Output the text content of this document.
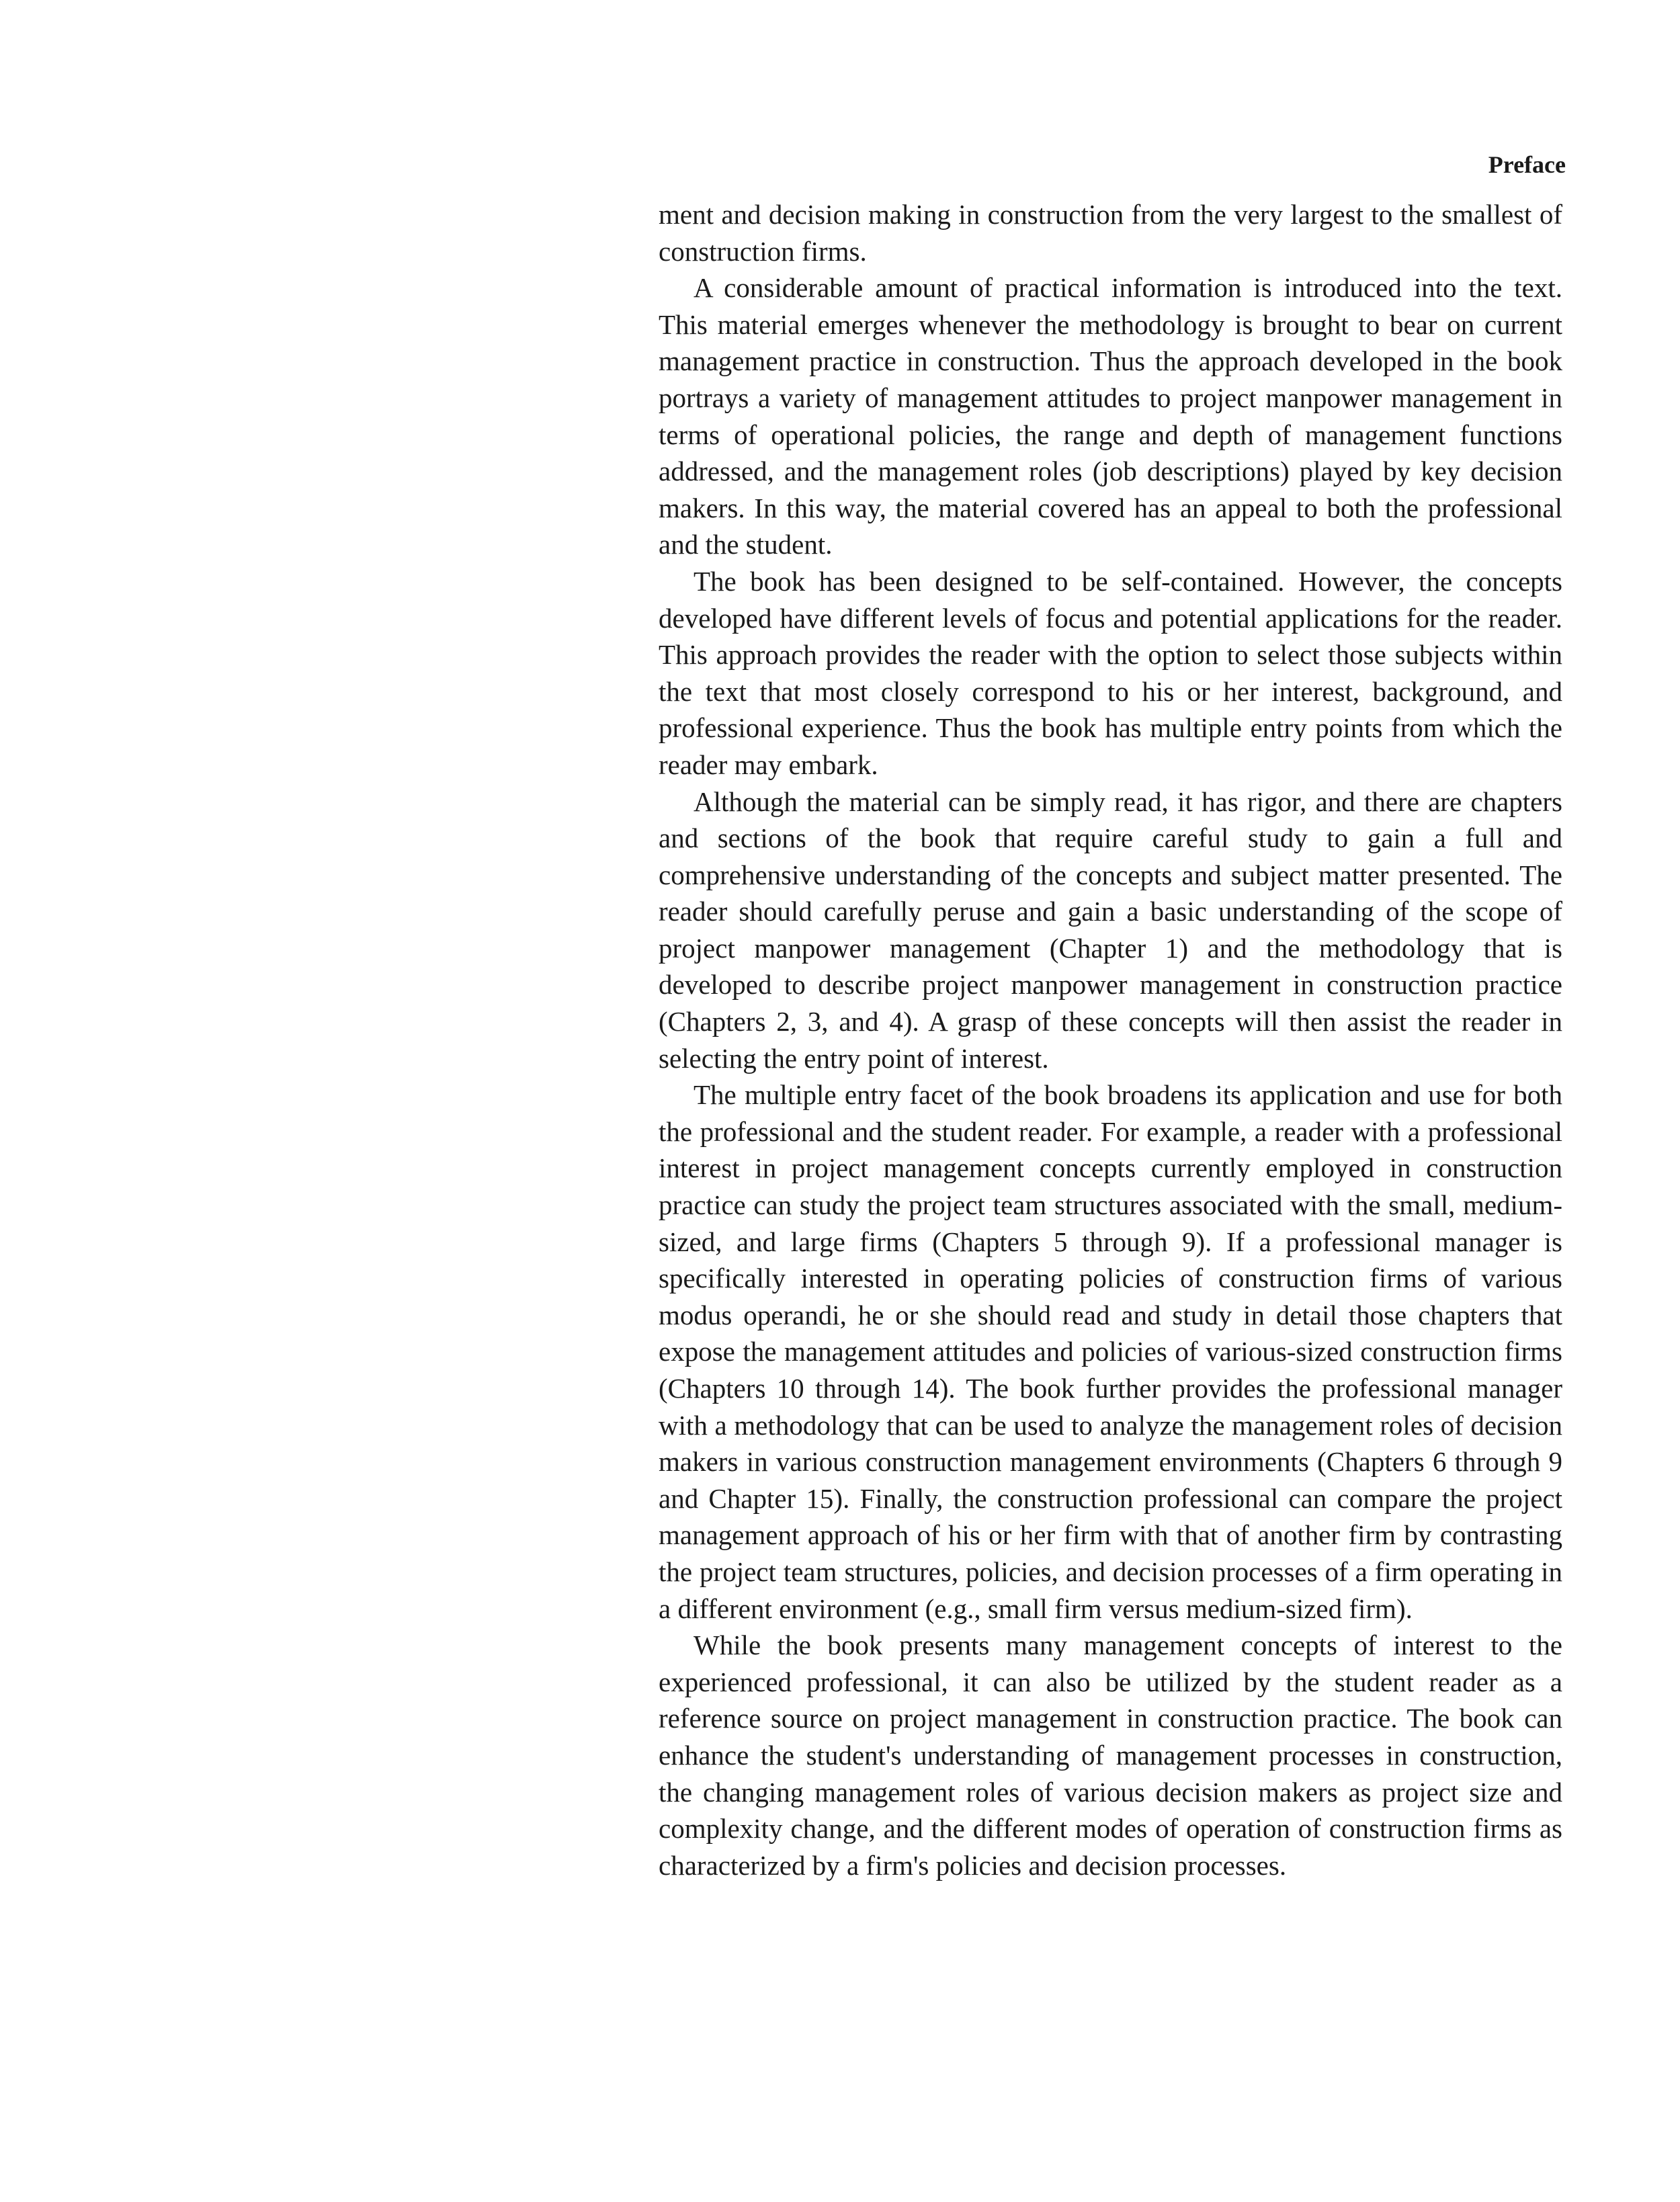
Preface

ment and decision making in construction from the very largest to the smallest of construction firms.

A considerable amount of practical information is introduced into the text. This material emerges whenever the methodology is brought to bear on current management practice in construction. Thus the approach developed in the book portrays a variety of management attitudes to project manpower management in terms of operational policies, the range and depth of management functions addressed, and the management roles (job descriptions) played by key decision makers. In this way, the material covered has an appeal to both the professional and the student.

The book has been designed to be self-contained. However, the concepts developed have different levels of focus and potential applications for the reader. This approach provides the reader with the option to select those subjects within the text that most closely correspond to his or her interest, background, and professional experience. Thus the book has multiple entry points from which the reader may embark.

Although the material can be simply read, it has rigor, and there are chapters and sections of the book that require careful study to gain a full and comprehensive understanding of the concepts and subject matter presented. The reader should carefully peruse and gain a basic understanding of the scope of project manpower management (Chapter 1) and the methodology that is developed to describe project manpower management in construction practice (Chapters 2, 3, and 4). A grasp of these concepts will then assist the reader in selecting the entry point of interest.

The multiple entry facet of the book broadens its application and use for both the professional and the student reader. For example, a reader with a professional interest in project management concepts currently employed in construction practice can study the project team structures associated with the small, medium-sized, and large firms (Chapters 5 through 9). If a professional manager is specifically interested in operating policies of construction firms of various modus operandi, he or she should read and study in detail those chapters that expose the management attitudes and policies of various-sized construction firms (Chapters 10 through 14). The book further provides the professional manager with a methodology that can be used to analyze the management roles of decision makers in various construction management environments (Chapters 6 through 9 and Chapter 15). Finally, the construction professional can compare the project management approach of his or her firm with that of another firm by contrasting the project team structures, policies, and decision processes of a firm operating in a different environment (e.g., small firm versus medium-sized firm).

While the book presents many management concepts of interest to the experienced professional, it can also be utilized by the student reader as a reference source on project management in construction practice. The book can enhance the student's understanding of management processes in construction, the changing management roles of various decision makers as project size and complexity change, and the different modes of operation of construction firms as characterized by a firm's policies and decision processes.
